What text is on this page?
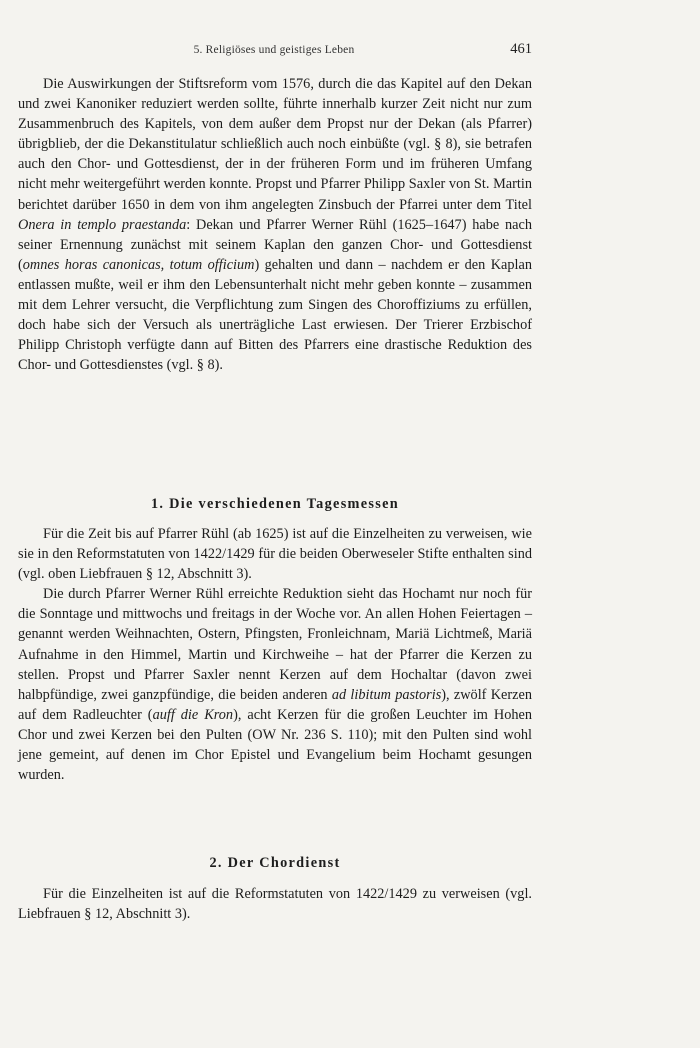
5. Religiöses und geistiges Leben	461

Die Auswirkungen der Stiftsreform vom 1576, durch die das Kapitel auf den Dekan und zwei Kanoniker reduziert werden sollte, führte innerhalb kurzer Zeit nicht nur zum Zusammenbruch des Kapitels, von dem außer dem Propst nur der Dekan (als Pfarrer) übrigblieb, der die Dekanstitulatur schließlich auch noch einbüßte (vgl. § 8), sie betrafen auch den Chor- und Gottesdienst, der in der früheren Form und im früheren Umfang nicht mehr weitergeführt werden konnte. Propst und Pfarrer Philipp Saxler von St. Martin berichtet darüber 1650 in dem von ihm angelegten Zinsbuch der Pfarrei unter dem Titel Onera in templo praestanda: Dekan und Pfarrer Werner Rühl (1625–1647) habe nach seiner Ernennung zunächst mit seinem Kaplan den ganzen Chor- und Gottesdienst (omnes horas canonicas, totum officium) gehalten und dann – nachdem er den Kaplan entlassen mußte, weil er ihm den Lebensunterhalt nicht mehr geben konnte – zusammen mit dem Lehrer versucht, die Verpflichtung zum Singen des Choroffiziums zu erfüllen, doch habe sich der Versuch als unerträgliche Last erwiesen. Der Trierer Erzbischof Philipp Christoph verfügte dann auf Bitten des Pfarrers eine drastische Reduktion des Chor- und Gottesdienstes (vgl. § 8).

1. Die verschiedenen Tagesmessen

Für die Zeit bis auf Pfarrer Rühl (ab 1625) ist auf die Einzelheiten zu verweisen, wie sie in den Reformstatuten von 1422/1429 für die beiden Oberweseler Stifte enthalten sind (vgl. oben Liebfrauen § 12, Abschnitt 3).

Die durch Pfarrer Werner Rühl erreichte Reduktion sieht das Hochamt nur noch für die Sonntage und mittwochs und freitags in der Woche vor. An allen Hohen Feiertagen – genannt werden Weihnachten, Ostern, Pfingsten, Fronleichnam, Mariä Lichtmeß, Mariä Aufnahme in den Himmel, Martin und Kirchweihe – hat der Pfarrer die Kerzen zu stellen. Propst und Pfarrer Saxler nennt Kerzen auf dem Hochaltar (davon zwei halbpfündige, zwei ganzpfündige, die beiden anderen ad libitum pastoris), zwölf Kerzen auf dem Radleuchter (auff die Kron), acht Kerzen für die großen Leuchter im Hohen Chor und zwei Kerzen bei den Pulten (OW Nr. 236 S. 110); mit den Pulten sind wohl jene gemeint, auf denen im Chor Epistel und Evangelium beim Hochamt gesungen wurden.

2. Der Chordienst

Für die Einzelheiten ist auf die Reformstatuten von 1422/1429 zu verweisen (vgl. Liebfrauen § 12, Abschnitt 3).
